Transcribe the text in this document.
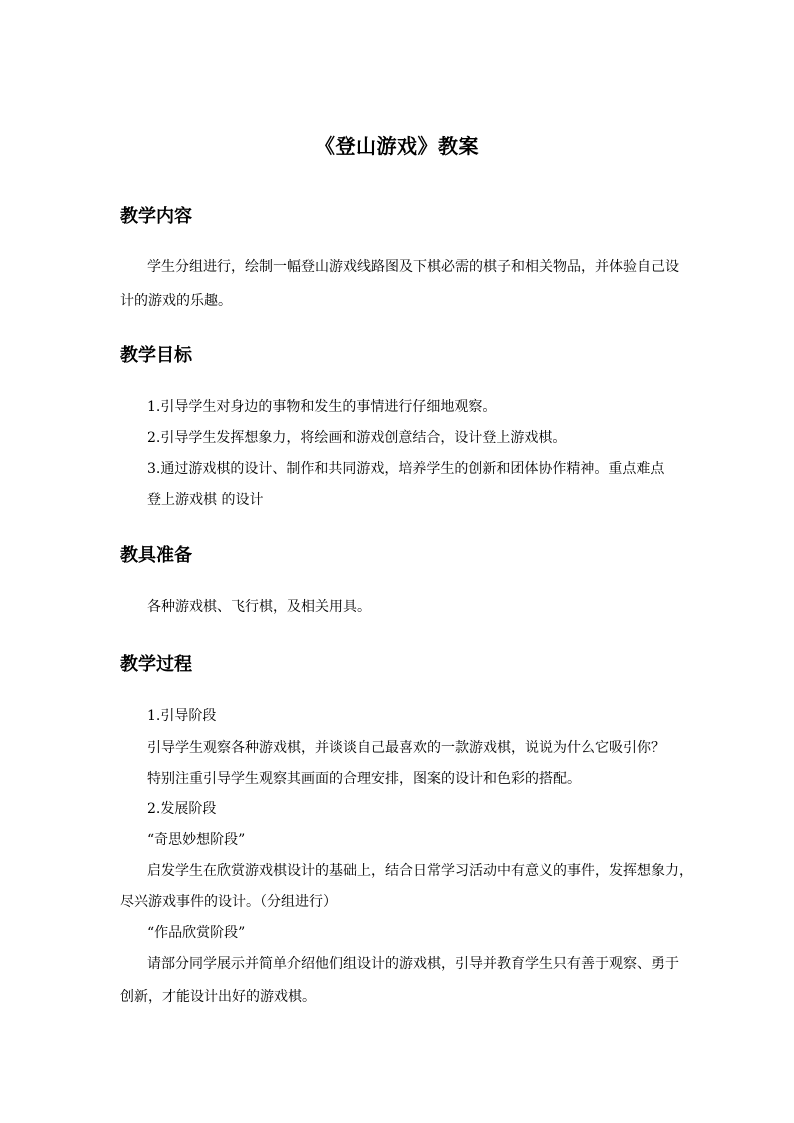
《登山游戏》教案
教学内容
学生分组进行，绘制一幅登山游戏线路图及下棋必需的棋子和相关物品，并体验自己设
计的游戏的乐趣。
教学目标
1.引导学生对身边的事物和发生的事情进行仔细地观察。
2.引导学生发挥想象力，将绘画和游戏创意结合，设计登上游戏棋。
3.通过游戏棋的设计、制作和共同游戏，培养学生的创新和团体协作精神。重点难点
登上游戏棋 的设计
教具准备
各种游戏棋、飞行棋，及相关用具。
教学过程
1.引导阶段
引导学生观察各种游戏棋，并谈谈自己最喜欢的一款游戏棋，说说为什么它吸引你？
特别注重引导学生观察其画面的合理安排，图案的设计和色彩的搭配。
2.发展阶段
“奇思妙想阶段”
启发学生在欣赏游戏棋设计的基础上，结合日常学习活动中有意义的事件，发挥想象力，
尽兴游戏事件的设计。（分组进行）
“作品欣赏阶段”
请部分同学展示并简单介绍他们组设计的游戏棋，引导并教育学生只有善于观察、勇于
创新，才能设计出好的游戏棋。
